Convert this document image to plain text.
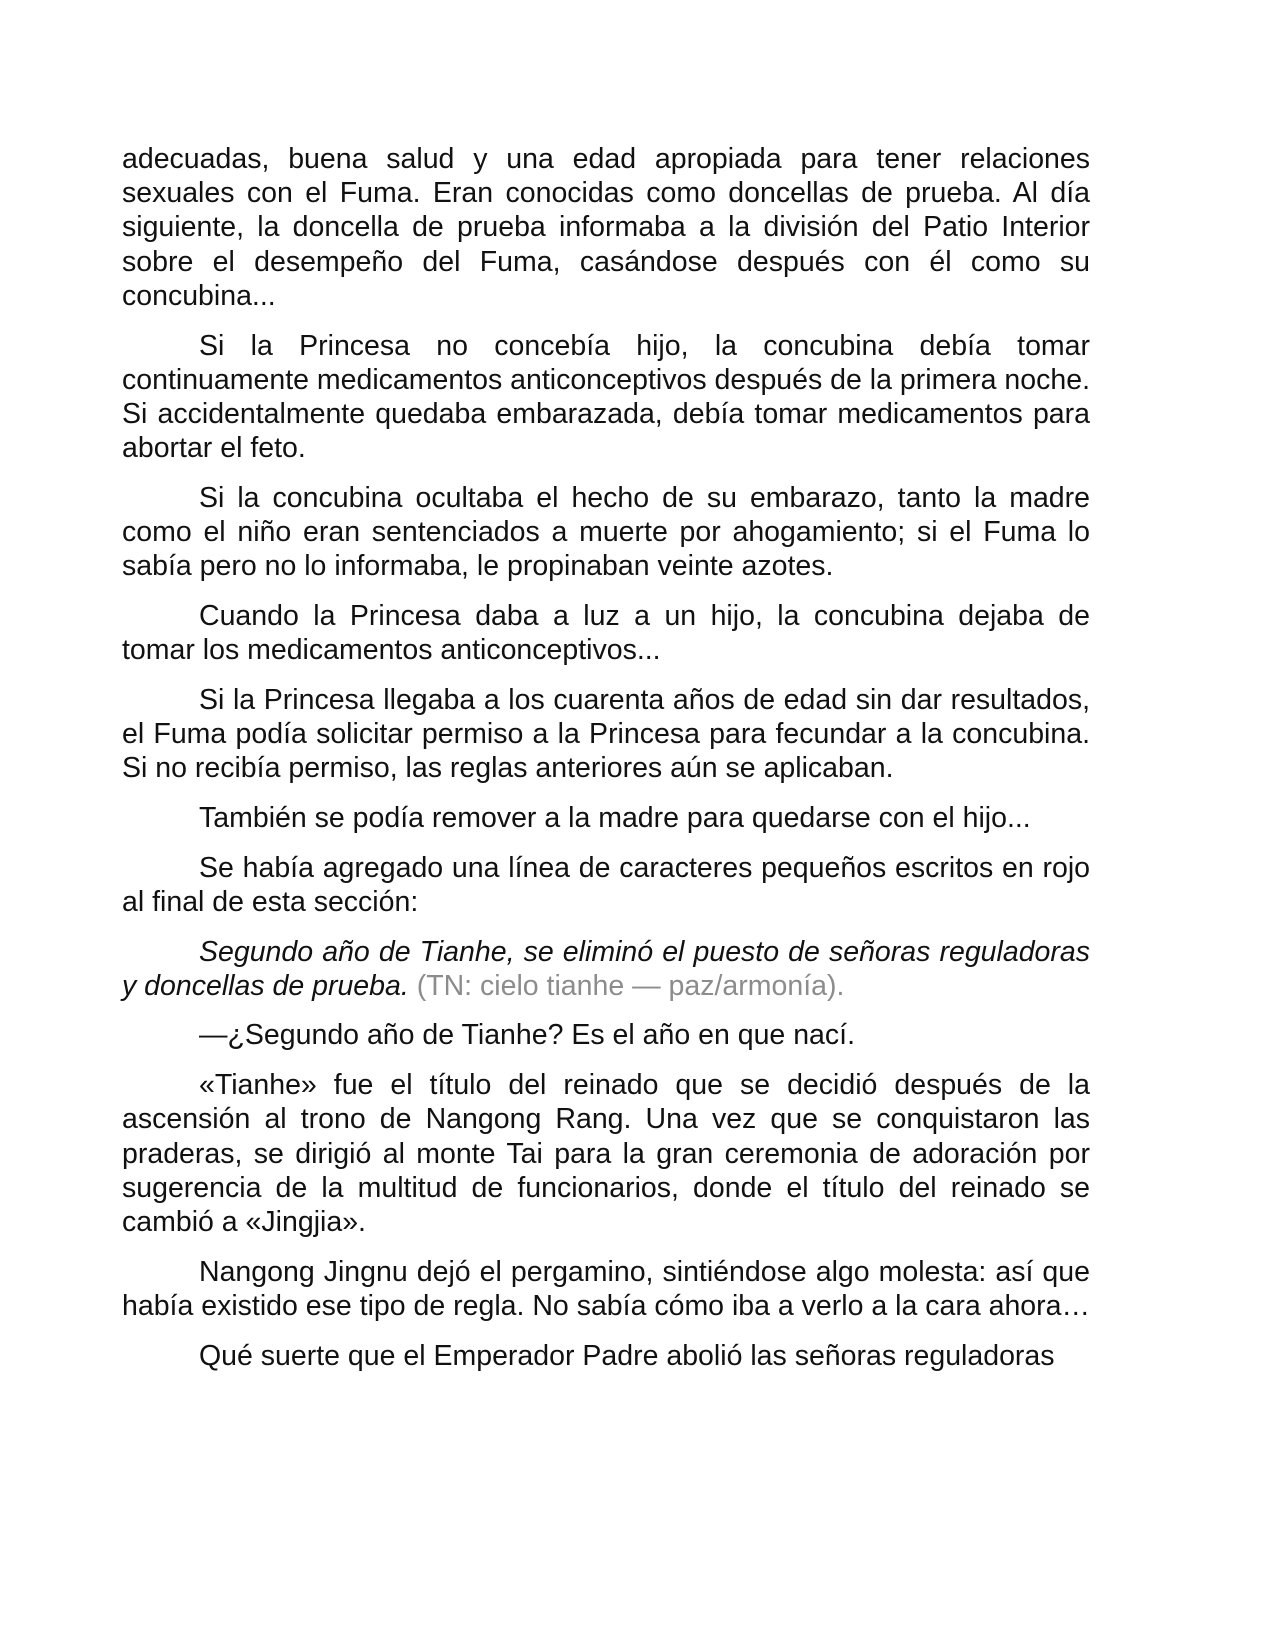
adecuadas, buena salud y una edad apropiada para tener relaciones sexuales con el Fuma. Eran conocidas como doncellas de prueba. Al día siguiente, la doncella de prueba informaba a la división del Patio Interior sobre el desempeño del Fuma, casándose después con él como su concubina...

Si la Princesa no concebía hijo, la concubina debía tomar continuamente medicamentos anticonceptivos después de la primera noche. Si accidentalmente quedaba embarazada, debía tomar medicamentos para abortar el feto.

Si la concubina ocultaba el hecho de su embarazo, tanto la madre como el niño eran sentenciados a muerte por ahogamiento; si el Fuma lo sabía pero no lo informaba, le propinaban veinte azotes.

Cuando la Princesa daba a luz a un hijo, la concubina dejaba de tomar los medicamentos anticonceptivos...

Si la Princesa llegaba a los cuarenta años de edad sin dar resultados, el Fuma podía solicitar permiso a la Princesa para fecundar a la concubina. Si no recibía permiso, las reglas anteriores aún se aplicaban.

También se podía remover a la madre para quedarse con el hijo...

Se había agregado una línea de caracteres pequeños escritos en rojo al final de esta sección:

Segundo año de Tianhe, se eliminó el puesto de señoras reguladoras y doncellas de prueba. (TN: cielo tianhe — paz/armonía).

—¿Segundo año de Tianhe? Es el año en que nací.

«Tianhe» fue el título del reinado que se decidió después de la ascensión al trono de Nangong Rang. Una vez que se conquistaron las praderas, se dirigió al monte Tai para la gran ceremonia de adoración por sugerencia de la multitud de funcionarios, donde el título del reinado se cambió a «Jingjia».

Nangong Jingnu dejó el pergamino, sintiéndose algo molesta: así que había existido ese tipo de regla. No sabía cómo iba a verlo a la cara ahora…

Qué suerte que el Emperador Padre abolió las señoras reguladoras
